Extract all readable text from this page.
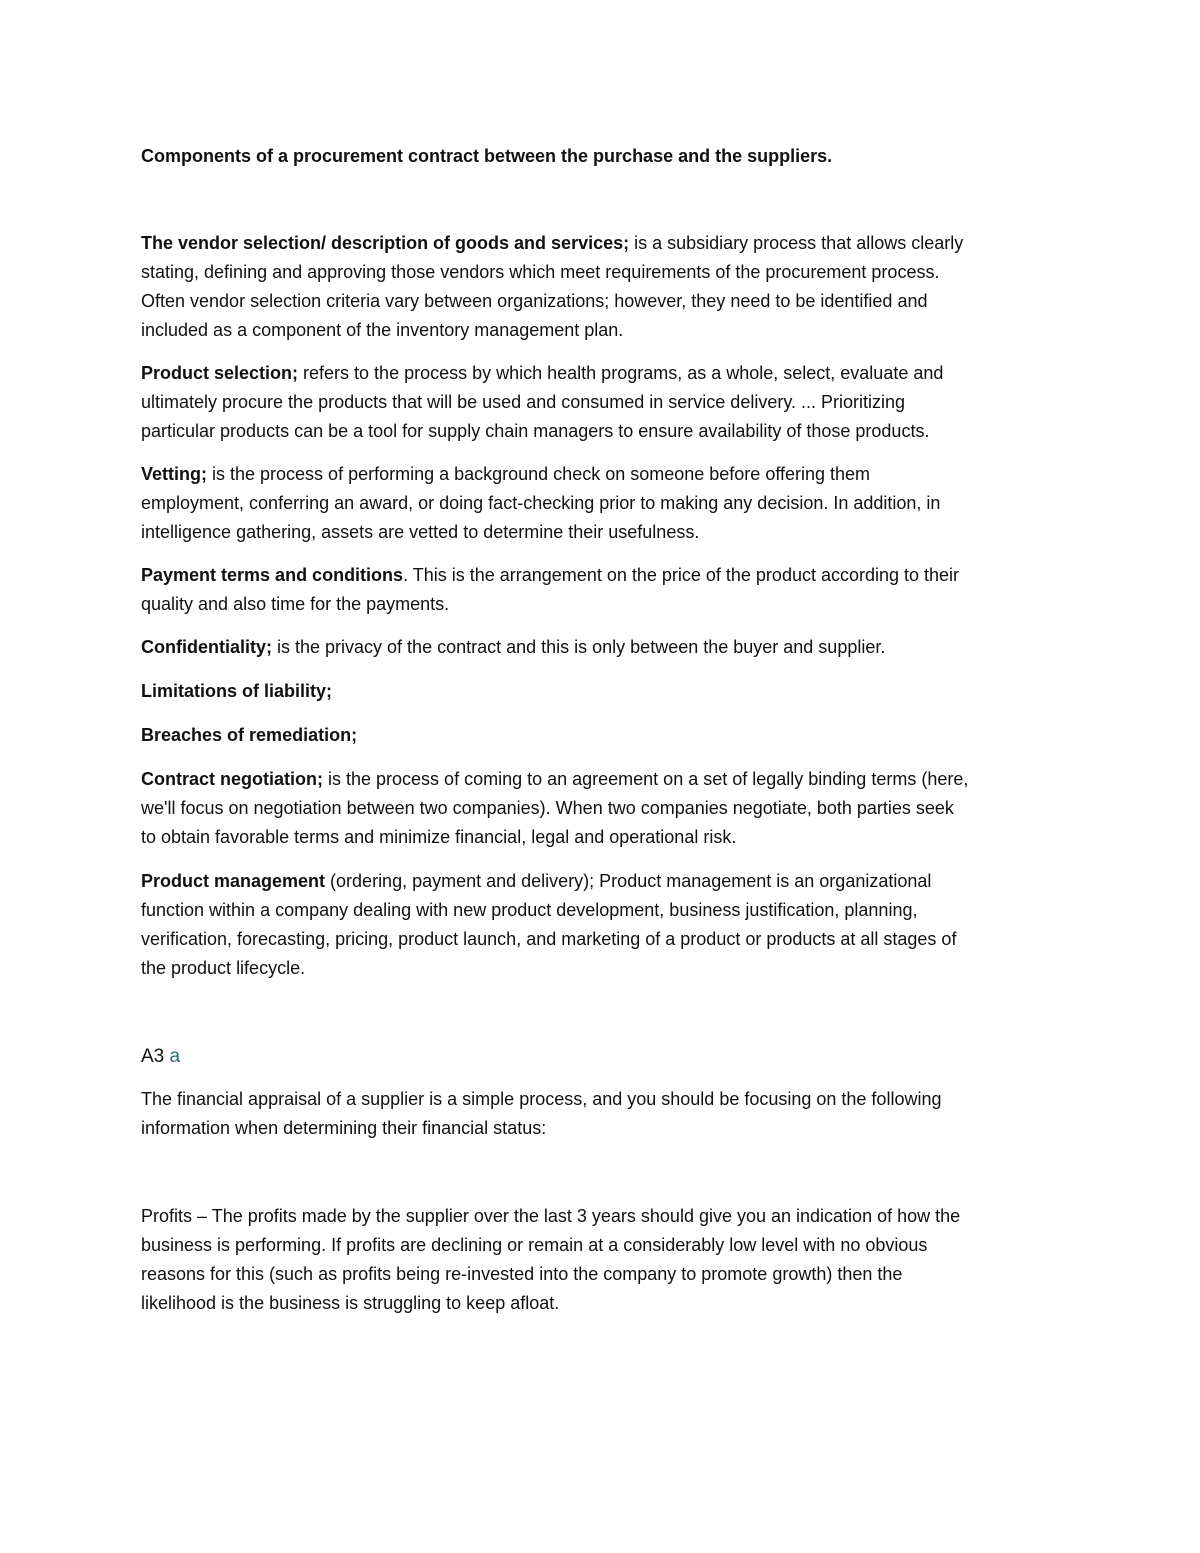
Components of a procurement contract between the purchase and the suppliers.

The vendor selection/ description of goods and services; is a subsidiary process that allows clearly

stating, defining and approving those vendors which meet requirements of the procurement process.

Often vendor selection criteria vary between organizations; however, they need to be identified and

included as a component of the inventory management plan.

Product selection; refers to the process by which health programs, as a whole, select, evaluate and

ultimately procure the products that will be used and consumed in service delivery. ... Prioritizing

particular products can be a tool for supply chain managers to ensure availability of those products.

Vetting; is the process of performing a background check on someone before offering them

employment, conferring an award, or doing fact-checking prior to making any decision. In addition, in

intelligence gathering, assets are vetted to determine their usefulness.

Payment terms and conditions. This is the arrangement on the price of the product according to their

quality and also time for the payments.

Confidentiality; is the privacy of the contract and this is only between the buyer and supplier.

Limitations of liability;

Breaches of remediation;

Contract negotiation; is the process of coming to an agreement on a set of legally binding terms (here,

we'll focus on negotiation between two companies). When two companies negotiate, both parties seek

to obtain favorable terms and minimize financial, legal and operational risk.

Product management (ordering, payment and delivery); Product management is an organizational

function within a company dealing with new product development, business justification, planning,

verification, forecasting, pricing, product launch, and marketing of a product or products at all stages of

the product lifecycle.

A3 a

The financial appraisal of a supplier is a simple process, and you should be focusing on the following

information when determining their financial status:

Profits – The profits made by the supplier over the last 3 years should give you an indication of how the

business is performing. If profits are declining or remain at a considerably low level with no obvious

reasons for this (such as profits being re-invested into the company to promote growth) then the

likelihood is the business is struggling to keep afloat.
